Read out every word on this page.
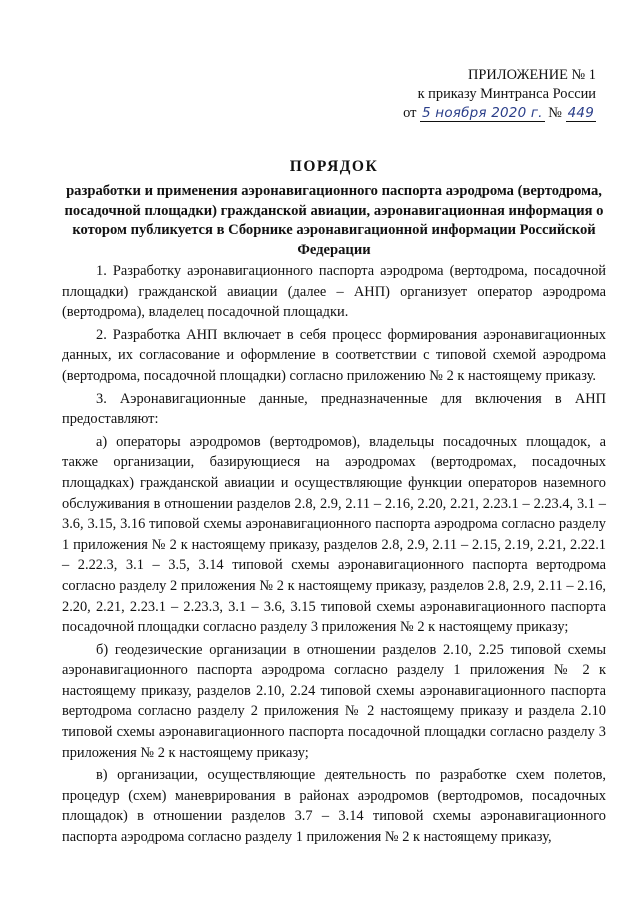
ПРИЛОЖЕНИЕ № 1
к приказу Минтранса России
от 5 ноября 2020 г. № 449
ПОРЯДОК
разработки и применения аэронавигационного паспорта аэродрома (вертодрома, посадочной площадки) гражданской авиации, аэронавигационная информация о котором публикуется в Сборнике аэронавигационной информации Российской Федерации

1. Разработку аэронавигационного паспорта аэродрома (вертодрома, посадочной площадки) гражданской авиации (далее – АНП) организует оператор аэродрома (вертодрома), владелец посадочной площадки.

2. Разработка АНП включает в себя процесс формирования аэронавигационных данных, их согласование и оформление в соответствии с типовой схемой аэродрома (вертодрома, посадочной площадки) согласно приложению № 2 к настоящему приказу.

3. Аэронавигационные данные, предназначенные для включения в АНП предоставляют:

а) операторы аэродромов (вертодромов), владельцы посадочных площадок, а также организации, базирующиеся на аэродромах (вертодромах, посадочных площадках) гражданской авиации и осуществляющие функции операторов наземного обслуживания в отношении разделов 2.8, 2.9, 2.11 – 2.16, 2.20, 2.21, 2.23.1 – 2.23.4, 3.1 – 3.6, 3.15, 3.16 типовой схемы аэронавигационного паспорта аэродрома согласно разделу 1 приложения № 2 к настоящему приказу, разделов 2.8, 2.9, 2.11 – 2.15, 2.19, 2.21, 2.22.1 – 2.22.3, 3.1 – 3.5, 3.14 типовой схемы аэронавигационного паспорта вертодрома согласно разделу 2 приложения № 2 к настоящему приказу, разделов 2.8, 2.9, 2.11 – 2.16, 2.20, 2.21, 2.23.1 – 2.23.3, 3.1 – 3.6, 3.15 типовой схемы аэронавигационного паспорта посадочной площадки согласно разделу 3 приложения № 2 к настоящему приказу;

б) геодезические организации в отношении разделов 2.10, 2.25 типовой схемы аэронавигационного паспорта аэродрома согласно разделу 1 приложения № 2 к настоящему приказу, разделов 2.10, 2.24 типовой схемы аэронавигационного паспорта вертодрома согласно разделу 2 приложения № 2 настоящему приказу и раздела 2.10 типовой схемы аэронавигационного паспорта посадочной площадки согласно разделу 3 приложения № 2 к настоящему приказу;

в) организации, осуществляющие деятельность по разработке схем полетов, процедур (схем) маневрирования в районах аэродромов (вертодромов, посадочных площадок) в отношении разделов 3.7 – 3.14 типовой схемы аэронавигационного паспорта аэродрома согласно разделу 1 приложения № 2 к настоящему приказу,
